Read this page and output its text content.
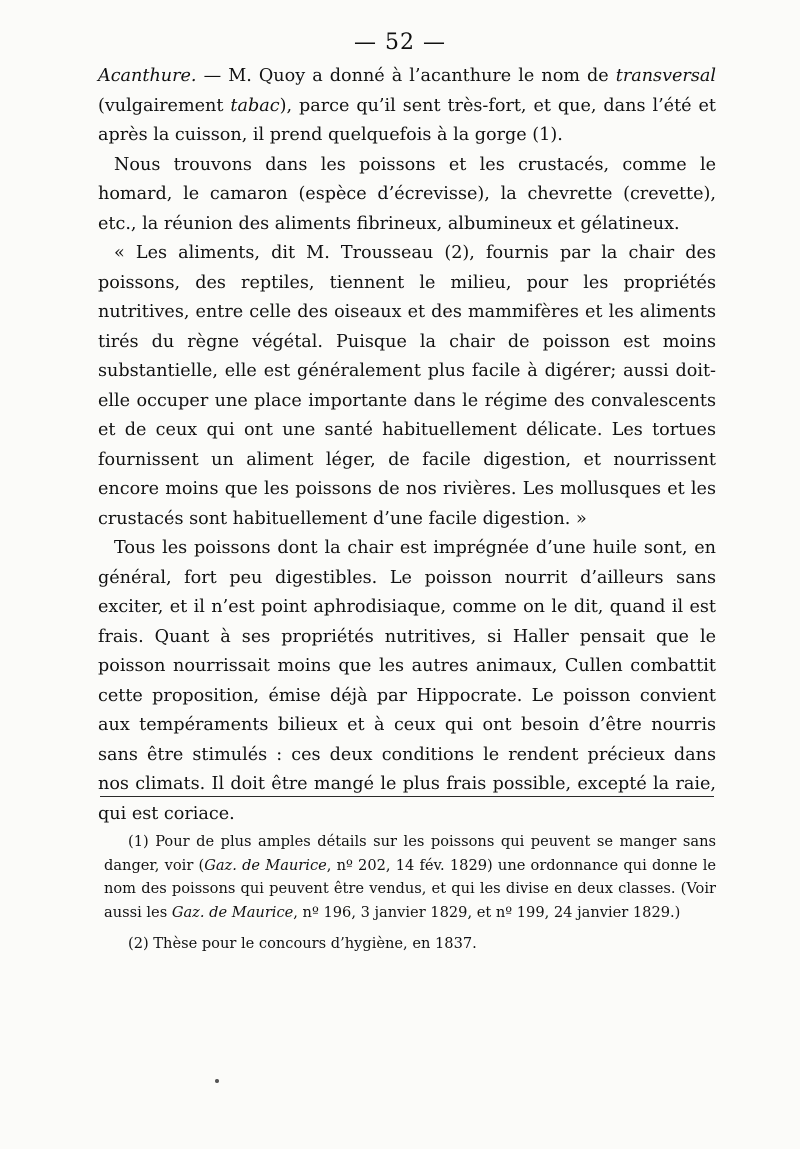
— 52 —

Acanthure. — M. Quoy a donné à l’acanthure le nom de transversal (vulgairement tabac), parce qu’il sent très-fort, et que, dans l’été et après la cuisson, il prend quelquefois à la gorge (1).

Nous trouvons dans les poissons et les crustacés, comme le homard, le camaron (espèce d’écrevisse), la chevrette (crevette), etc., la réunion des aliments fibrineux, albumineux et gélatineux.

« Les aliments, dit M. Trousseau (2), fournis par la chair des poissons, des reptiles, tiennent le milieu, pour les propriétés nutritives, entre celle des oiseaux et des mammifères et les aliments tirés du règne végétal. Puisque la chair de poisson est moins substantielle, elle est généralement plus facile à digérer; aussi doit-elle occuper une place importante dans le régime des convalescents et de ceux qui ont une santé habituellement délicate. Les tortues fournissent un aliment léger, de facile digestion, et nourrissent encore moins que les poissons de nos rivières. Les mollusques et les crustacés sont habituellement d’une facile digestion. »

Tous les poissons dont la chair est imprégnée d’une huile sont, en général, fort peu digestibles. Le poisson nourrit d’ailleurs sans exciter, et il n’est point aphrodisiaque, comme on le dit, quand il est frais. Quant à ses propriétés nutritives, si Haller pensait que le poisson nourrissait moins que les autres animaux, Cullen combattit cette proposition, émise déjà par Hippocrate. Le poisson convient aux tempéraments bilieux et à ceux qui ont besoin d’être nourris sans être stimulés : ces deux conditions le rendent précieux dans nos climats. Il doit être mangé le plus frais possible, excepté la raie, qui est coriace.

(1) Pour de plus amples détails sur les poissons qui peuvent se manger sans danger, voir (Gaz. de Maurice, nº 202, 14 fév. 1829) une ordonnance qui donne le nom des poissons qui peuvent être vendus, et qui les divise en deux classes. (Voir aussi les Gaz. de Maurice, nº 196, 3 janvier 1829, et nº 199, 24 janvier 1829.)

(2) Thèse pour le concours d’hygiène, en 1837.
